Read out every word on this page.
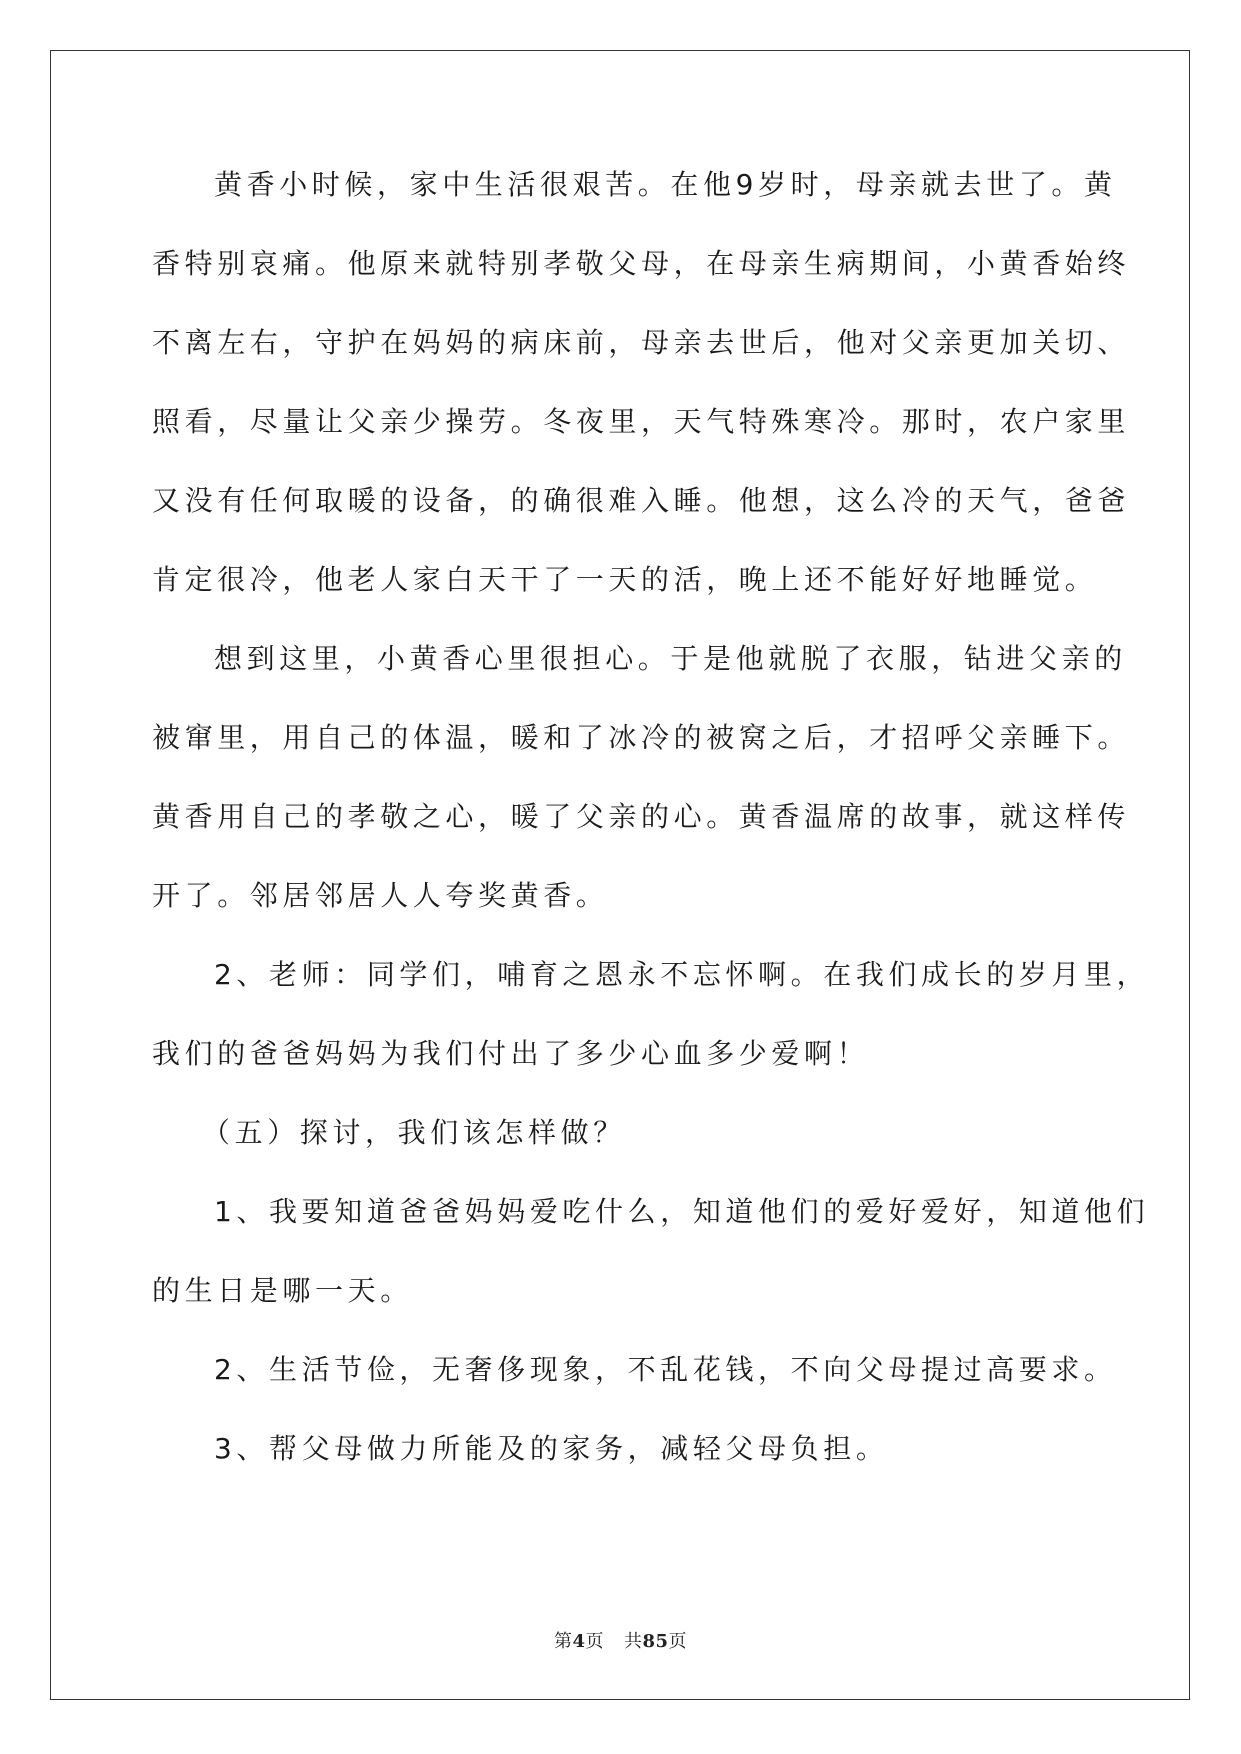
黄香小时候，家中生活很艰苦。在他9岁时，母亲就去世了。黄
香特别哀痛。他原来就特别孝敬父母，在母亲生病期间，小黄香始终
不离左右，守护在妈妈的病床前，母亲去世后，他对父亲更加关切、
照看，尽量让父亲少操劳。冬夜里，天气特殊寒冷。那时，农户家里
又没有任何取暖的设备，的确很难入睡。他想，这么冷的天气，爸爸
肯定很冷，他老人家白天干了一天的活，晚上还不能好好地睡觉。
想到这里，小黄香心里很担心。于是他就脱了衣服，钻进父亲的
被窜里，用自己的体温，暖和了冰冷的被窝之后，才招呼父亲睡下。
黄香用自己的孝敬之心，暖了父亲的心。黄香温席的故事，就这样传
开了。邻居邻居人人夸奖黄香。
2、老师：同学们，哺育之恩永不忘怀啊。在我们成长的岁月里，
我们的爸爸妈妈为我们付出了多少心血多少爱啊！
（五）探讨，我们该怎样做？
1、我要知道爸爸妈妈爱吃什么，知道他们的爱好爱好，知道他们
的生日是哪一天。
2、生活节俭，无奢侈现象，不乱花钱，不向父母提过高要求。
3、帮父母做力所能及的家务，减轻父母负担。
第4页 共85页
